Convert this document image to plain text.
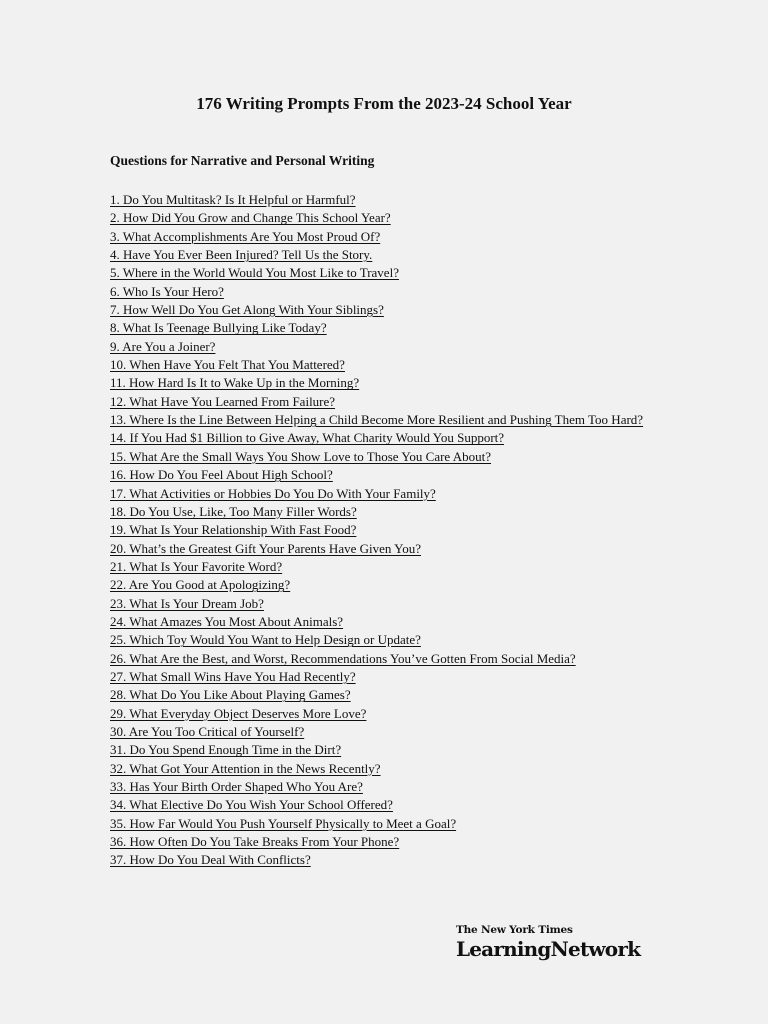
176 Writing Prompts From the 2023-24 School Year
Questions for Narrative and Personal Writing
1. Do You Multitask? Is It Helpful or Harmful?
2. How Did You Grow and Change This School Year?
3. What Accomplishments Are You Most Proud Of?
4. Have You Ever Been Injured? Tell Us the Story.
5. Where in the World Would You Most Like to Travel?
6. Who Is Your Hero?
7. How Well Do You Get Along With Your Siblings?
8. What Is Teenage Bullying Like Today?
9. Are You a Joiner?
10. When Have You Felt That You Mattered?
11. How Hard Is It to Wake Up in the Morning?
12. What Have You Learned From Failure?
13. Where Is the Line Between Helping a Child Become More Resilient and Pushing Them Too Hard?
14. If You Had $1 Billion to Give Away, What Charity Would You Support?
15. What Are the Small Ways You Show Love to Those You Care About?
16. How Do You Feel About High School?
17. What Activities or Hobbies Do You Do With Your Family?
18. Do You Use, Like, Too Many Filler Words?
19. What Is Your Relationship With Fast Food?
20. What’s the Greatest Gift Your Parents Have Given You?
21. What Is Your Favorite Word?
22. Are You Good at Apologizing?
23. What Is Your Dream Job?
24. What Amazes You Most About Animals?
25. Which Toy Would You Want to Help Design or Update?
26. What Are the Best, and Worst, Recommendations You’ve Gotten From Social Media?
27. What Small Wins Have You Had Recently?
28. What Do You Like About Playing Games?
29. What Everyday Object Deserves More Love?
30. Are You Too Critical of Yourself?
31. Do You Spend Enough Time in the Dirt?
32. What Got Your Attention in the News Recently?
33. Has Your Birth Order Shaped Who You Are?
34. What Elective Do You Wish Your School Offered?
35. How Far Would You Push Yourself Physically to Meet a Goal?
36. How Often Do You Take Breaks From Your Phone?
37. How Do You Deal With Conflicts?
The New York Times
LearningNetwork
